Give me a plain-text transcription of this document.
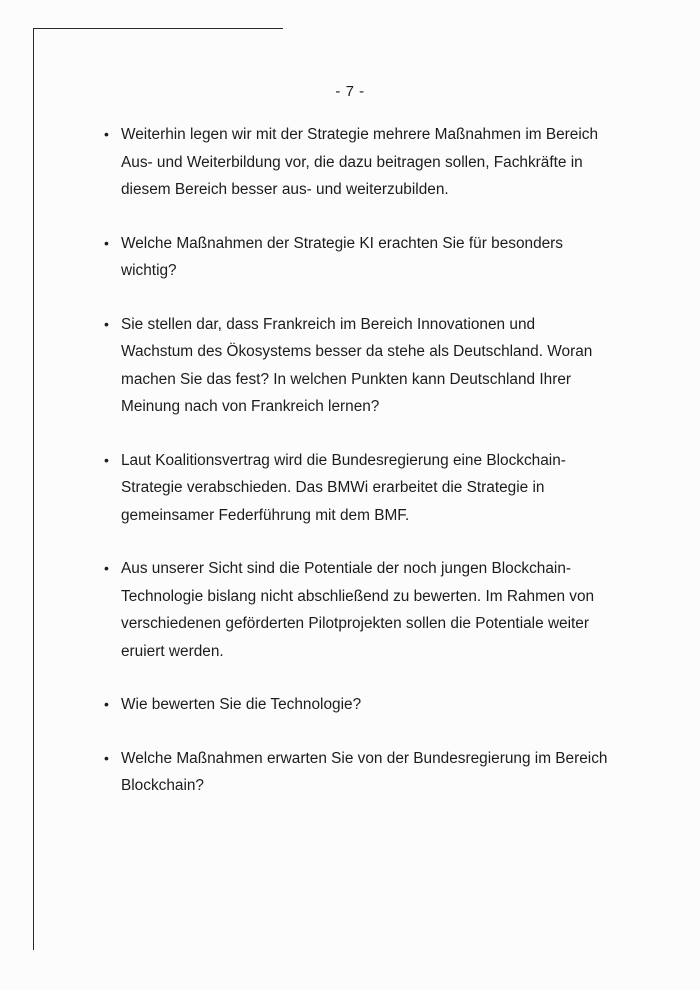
- 7 -
• Weiterhin legen wir mit der Strategie mehrere Maßnahmen im Bereich Aus- und Weiterbildung vor, die dazu beitragen sollen, Fachkräfte in diesem Bereich besser aus- und weiterzubilden.
• Welche Maßnahmen der Strategie KI erachten Sie für besonders wichtig?
• Sie stellen dar, dass Frankreich im Bereich Innovationen und Wachstum des Ökosystems besser da stehe als Deutschland. Woran machen Sie das fest? In welchen Punkten kann Deutschland Ihrer Meinung nach von Frankreich lernen?
• Laut Koalitionsvertrag wird die Bundesregierung eine Blockchain-Strategie verabschieden. Das BMWi erarbeitet die Strategie in gemeinsamer Federführung mit dem BMF.
• Aus unserer Sicht sind die Potentiale der noch jungen Blockchain-Technologie bislang nicht abschließend zu bewerten. Im Rahmen von verschiedenen geförderten Pilotprojekten sollen die Potentiale weiter eruiert werden.
• Wie bewerten Sie die Technologie?
• Welche Maßnahmen erwarten Sie von der Bundesregierung im Bereich Blockchain?
